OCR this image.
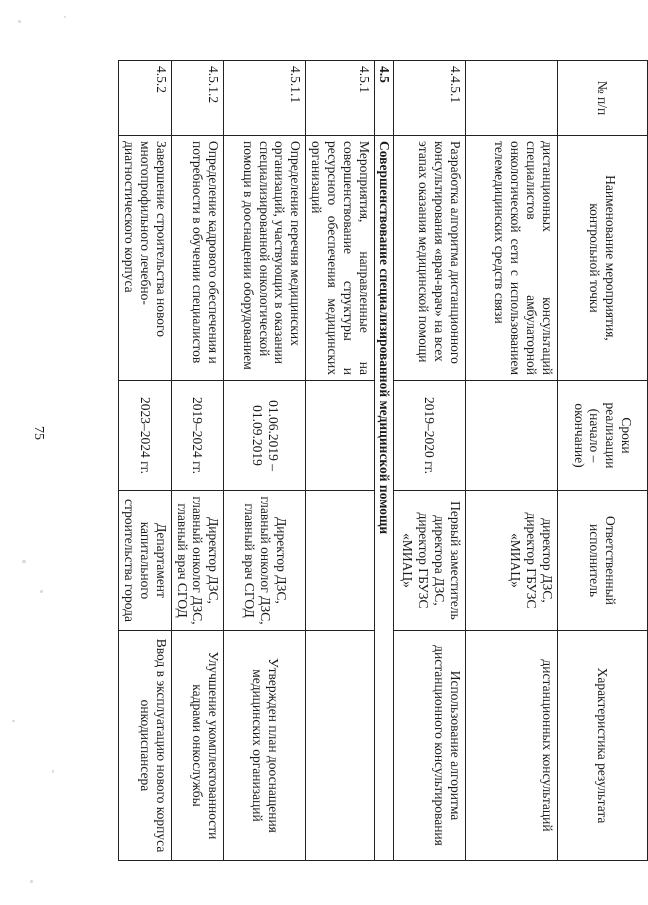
75
№ п/п	Наименование мероприятия, контрольной точки	Сроки реализации (начало – окончание)	Ответственный исполнитель	Характеристика результата
	дистанционных консультаций специалистов амбулаторной онкологической сети с использованием телемедицинских средств связи		директор ДЗС, директор ГБУЗС «МИАЦ»	дистанционных консультаций
4.4.5.1	Разработка алгоритма дистанционного консультирования «врач-врач» на всех этапах оказания медицинской помощи	2019–2020 гг.	Первый заместитель директора ДЗС, директор ГБУЗС «МИАЦ»	Использование алгоритма дистанционного консультирования
4.5	Совершенствование специализированной медицинской помощи			
4.5.1	Мероприятия, направленные на совершенствование структуры и ресурсного обеспечения медицинских организаций			
4.5.1.1	Определение перечня медицинских организаций, участвующих в оказании специализированной онкологической помощи в дооснащении оборудованием	01.06.2019 – 01.09.2019	Директор ДЗС, главный онколог ДЗС, главный врач СГОД	Утвержден план дооснащения медицинских организаций
4.5.1.2	Определение кадрового обеспечения и потребности в обучении специалистов	2019–2024 гг.	Директор ДЗС, главный онколог ДЗС, главный врач СГОД	Улучшение укомплектованности кадрами онкослужбы
4.5.2	Завершение строительства нового многопрофильного лечебно-диагностического корпуса	2023–2024 гг.	Департамент капитального строительства города	Ввод в эксплуатацию нового корпуса онкодиспансера
